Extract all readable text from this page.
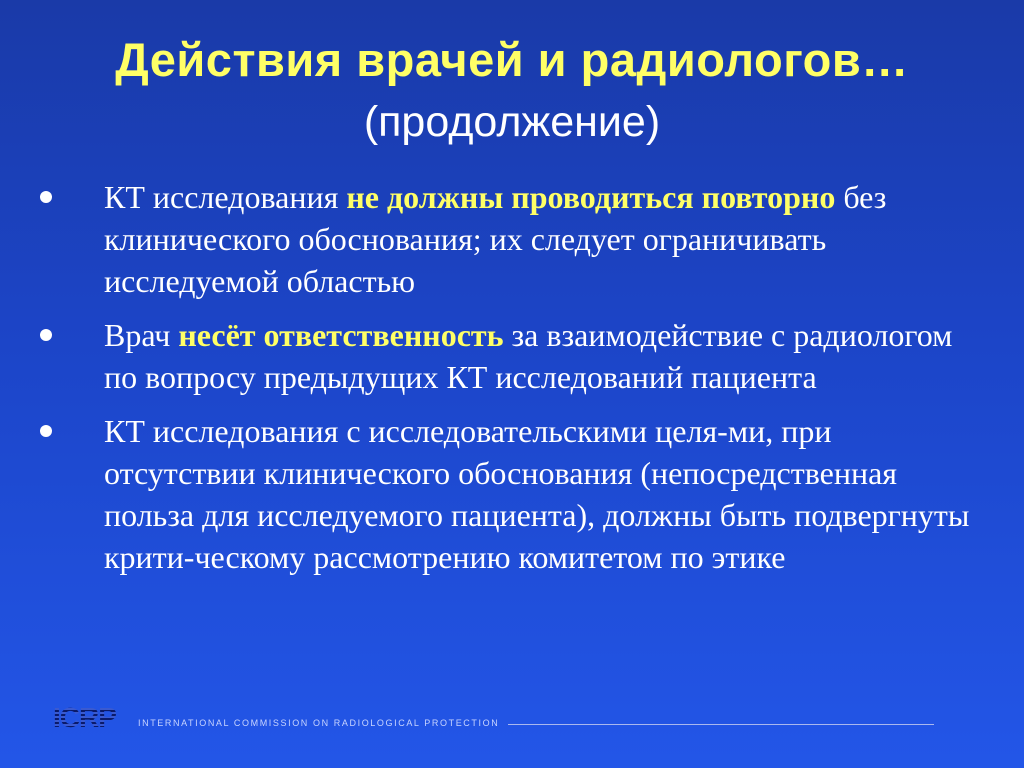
Действия врачей и радиологов…
(продолжение)
КТ исследования не должны проводиться повторно без клинического обоснования; их следует ограничивать исследуемой областью
Врач несёт ответственность за взаимодействие с радиологом по вопросу предыдущих КТ исследований пациента
КТ исследования с исследовательскими целя-ми, при отсутствии клинического обоснования (непосредственная польза для исследуемого пациента), должны быть подвергнуты крити-ческому рассмотрению комитетом по этике
ICRP INTERNATIONAL COMMISSION ON RADIOLOGICAL PROTECTION
